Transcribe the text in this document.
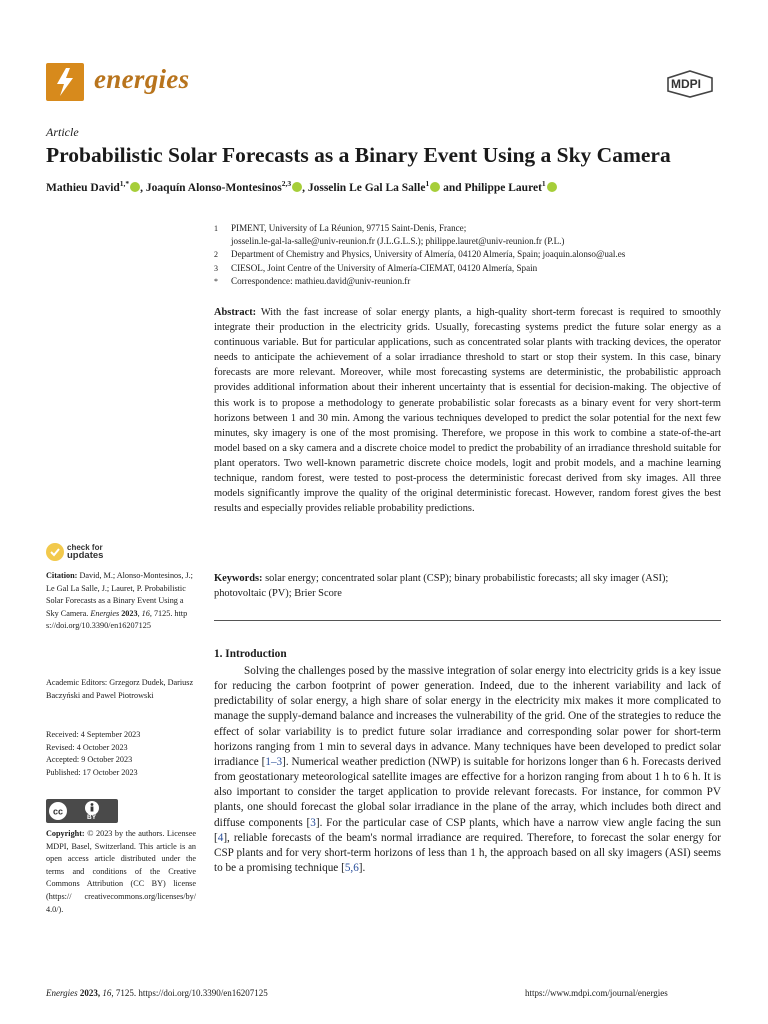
energies	MDPI
Article
Probabilistic Solar Forecasts as a Binary Event Using a Sky Camera
Mathieu David$^{1,*}$ , Joaquín Alonso-Montesinos$^{2,3}$ , Josselin Le Gal La Salle$^1$ and Philippe Lauret$^1$
1	PIMENT, University of La Réunion, 97715 Saint-Denis, France;
josselin.le-gal-la-salle@univ-reunion.fr (J.L.G.L.S.); philippe.lauret@univ-reunion.fr (P.L.)
2	Department of Chemistry and Physics, University of Almería, 04120 Almería, Spain; joaquin.alonso@ual.es
3	CIESOL, Joint Centre of the University of Almería-CIEMAT, 04120 Almería, Spain
*	Correspondence: mathieu.david@univ-reunion.fr
Abstract: With the fast increase of solar energy plants, a high-quality short-term forecast is required to smoothly integrate their production in the electricity grids. Usually, forecasting systems predict the future solar energy as a continuous variable. But for particular applications, such as concentrated solar plants with tracking devices, the operator needs to anticipate the achievement of a solar irradiance threshold to start or stop their system. In this case, binary forecasts are more relevant. Moreover, while most forecasting systems are deterministic, the probabilistic approach provides additional information about their inherent uncertainty that is essential for decision-making. The objective of this work is to propose a methodology to generate probabilistic solar forecasts as a binary event for very short-term horizons between 1 and 30 min. Among the various techniques developed to predict the solar potential for the next few minutes, sky imagery is one of the most promising. Therefore, we propose in this work to combine a state-of-the-art model based on a sky camera and a discrete choice model to predict the probability of an irradiance threshold suitable for plant operators. Two well-known parametric discrete choice models, logit and probit models, and a machine learning technique, random forest, were tested to post-process the deterministic forecast derived from sky images. All three models significantly improve the quality of the original deterministic forecast. However, random forest gives the best results and especially provides reliable probability predictions.
Keywords: solar energy; concentrated solar plant (CSP); binary probabilistic forecasts; all sky imager (ASI); photovoltaic (PV); Brier Score
check for
updates
Citation: David, M.; Alonso-Montesinos, J.; Le Gal La Salle, J.; Lauret, P. Probabilistic Solar Forecasts as a Binary Event Using a Sky Camera. Energies 2023, 16, 7125. https://doi.org/10.3390/en16207125
Academic Editors: Grzegorz Dudek, Dariusz Baczyński and Pawel Piotrowski
Received: 4 September 2023
Revised: 4 October 2023
Accepted: 9 October 2023
Published: 17 October 2023
cc
BY
Copyright: © 2023 by the authors. Licensee MDPI, Basel, Switzerland. This article is an open access article distributed under the terms and conditions of the Creative Commons Attribution (CC BY) license (https:// creativecommons.org/licenses/by/ 4.0/).
1. Introduction

Solving the challenges posed by the massive integration of solar energy into electricity grids is a key issue for reducing the carbon footprint of power generation. Indeed, due to the inherent variability and lack of predictability of solar energy, a high share of solar energy in the electricity mix makes it more complicated to manage the supply-demand balance and increases the vulnerability of the grid. One of the strategies to reduce the effect of solar variability is to predict future solar irradiance and corresponding solar power for short-term horizons ranging from 1 min to several days in advance. Many techniques have been developed to predict solar irradiance [1–3]. Numerical weather prediction (NWP) is suitable for horizons longer than 6 h. Forecasts derived from geostationary meteorological satellite images are effective for a horizon ranging from about 1 h to 6 h. It is also important to consider the target application to provide relevant forecasts. For instance, for common PV plants, one should forecast the global solar irradiance in the plane of the array, which includes both direct and diffuse components [3]. For the particular case of CSP plants, which have a narrow view angle facing the sun [4], reliable forecasts of the beam's normal irradiance are required. Therefore, to forecast the solar energy for CSP plants and for very short-term horizons of less than 1 h, the approach based on all sky imagers (ASI) seems to be a promising technique [5,6].

Energies 2023, 16, 7125. https://doi.org/10.3390/en16207125	https://www.mdpi.com/journal/energies
